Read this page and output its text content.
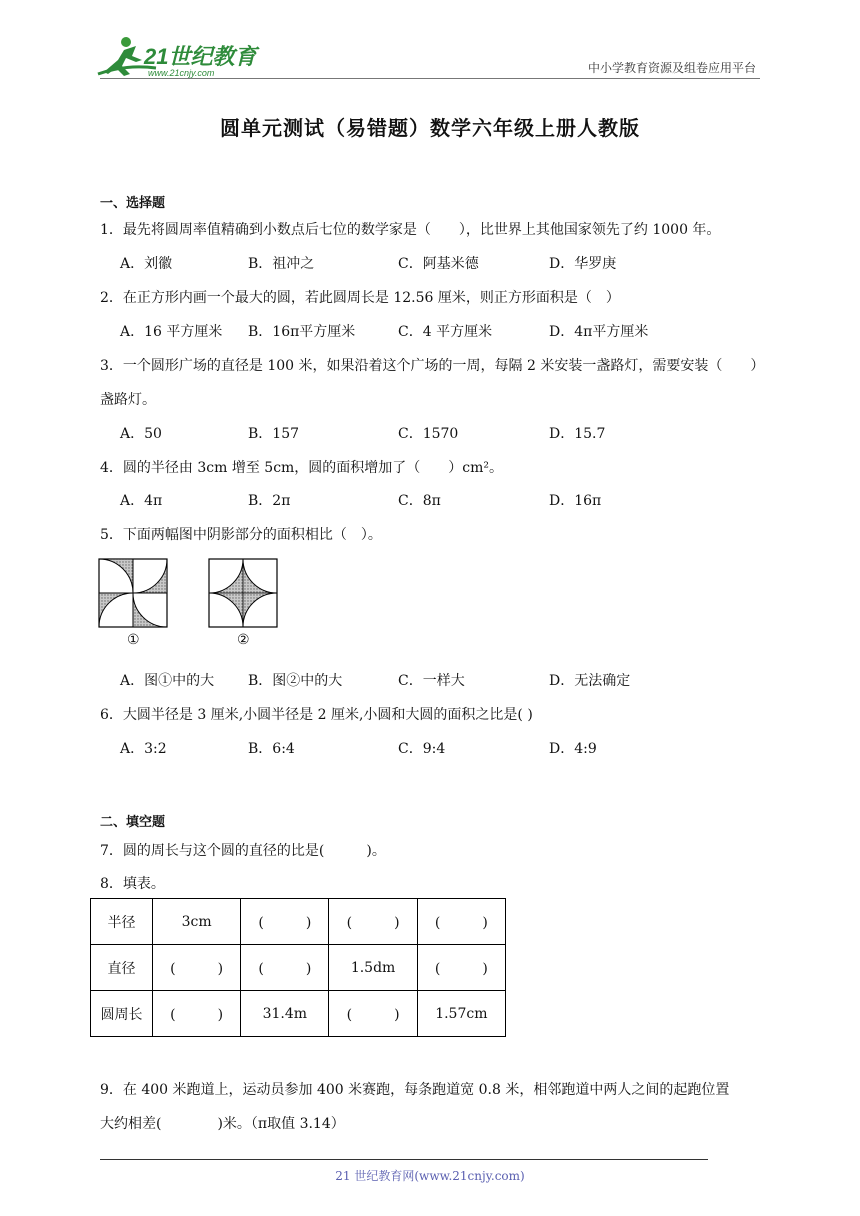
21世纪教育
www.21cnjy.com	中小学教育资源及组卷应用平台
圆单元测试（易错题）数学六年级上册人教版
一、选择题
1．最先将圆周率值精确到小数点后七位的数学家是（　　），比世界上其他国家领先了约 1000 年。
A．刘徽	B．祖冲之	C．阿基米德	D．华罗庚
2．在正方形内画一个最大的圆，若此圆周长是 12.56 厘米，则正方形面积是（　）
A．16 平方厘米 B．16π平方厘米	C．4 平方厘米	D．4π平方厘米
3．一个圆形广场的直径是 100 米，如果沿着这个广场的一周，每隔 2 米安装一盏路灯，需要安装（　　）
盏路灯。
A．50	B．157	C．1570	D．15.7
4．圆的半径由 3cm 增至 5cm，圆的面积增加了（　　）cm²。
A．4π	B．2π	C．8π	D．16π
5．下面两幅图中阴影部分的面积相比（　）。
①	②
A．图①中的大 B．图②中的大	C．一样大	D．无法确定
6．大圆半径是 3 厘米,小圆半径是 2 厘米,小圆和大圆的面积之比是( )
A．3:2	B．6:4	C．9:4	D．4:9
二、填空题
7．圆的周长与这个圆的直径的比是(　　　)。
8．填表。
半径	3cm	(　　　)	(　　　)	(　　　)
直径	(　　　)	(　　　)	1.5dm	(　　　)
圆周长	(　　　)	31.4m	(　　　)	1.57cm
9．在 400 米跑道上，运动员参加 400 米赛跑，每条跑道宽 0.8 米，相邻跑道中两人之间的起跑位置
大约相差(　　　　)米。（π取值 3.14）
21 世纪教育网(www.21cnjy.com)
